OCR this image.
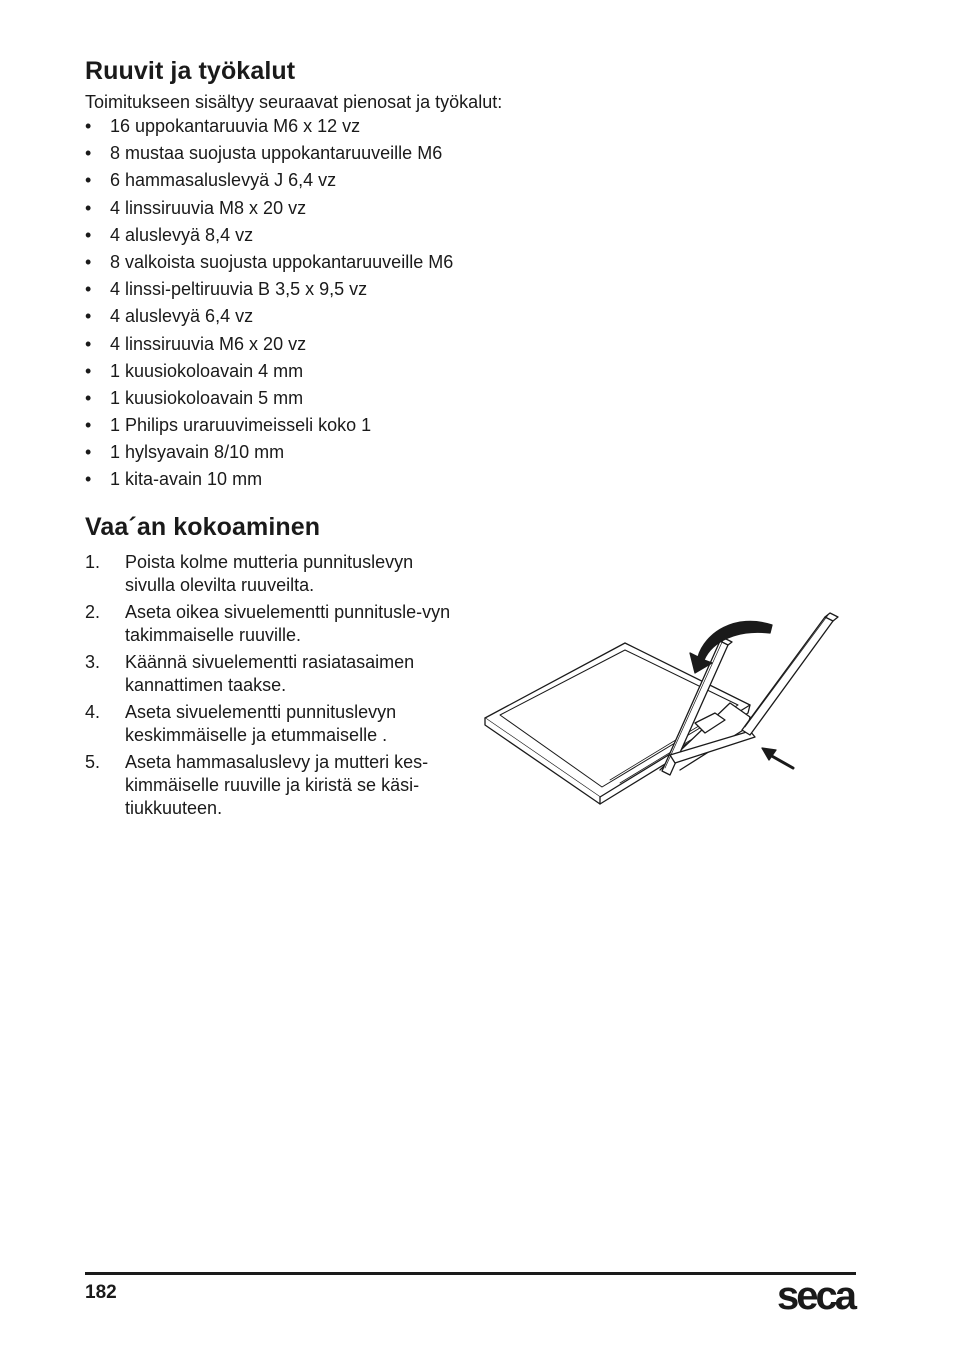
Ruuvit ja työkalut
Toimitukseen sisältyy seuraavat pienosat ja työkalut:
• 16 uppokantaruuvia M6 x 12 vz
• 8 mustaa suojusta uppokantaruuveille M6
• 6 hammasaluslevyä J 6,4 vz
• 4 linssiruuvia M8 x 20 vz
• 4 aluslevyä 8,4 vz
• 8 valkoista suojusta uppokantaruuveille M6
• 4 linssi-peltiruuvia B 3,5 x 9,5 vz
• 4 aluslevyä 6,4 vz
• 4 linssiruuvia M6 x 20 vz
• 1 kuusiokoloavain 4 mm
• 1 kuusiokoloavain 5 mm
• 1 Philips uraruuvimeisseli koko 1
• 1 hylsyavain 8/10 mm
• 1 kita-avain 10 mm
Vaa´an kokoaminen
1. Poista kolme mutteria punnituslevyn sivulla olevilta ruuveilta.
2. Aseta oikea sivuelementti punnitusle-vyn takimmaiselle ruuville.
3. Käännä sivuelementti rasiatasaimen kannattimen taakse.
4. Aseta sivuelementti punnituslevyn keskimmäiselle ja etummaiselle .
5. Aseta hammasaluslevy ja mutteri kes-kimmäiselle ruuville ja kiristä se käsi-tiukkuuteen.
182	seca
